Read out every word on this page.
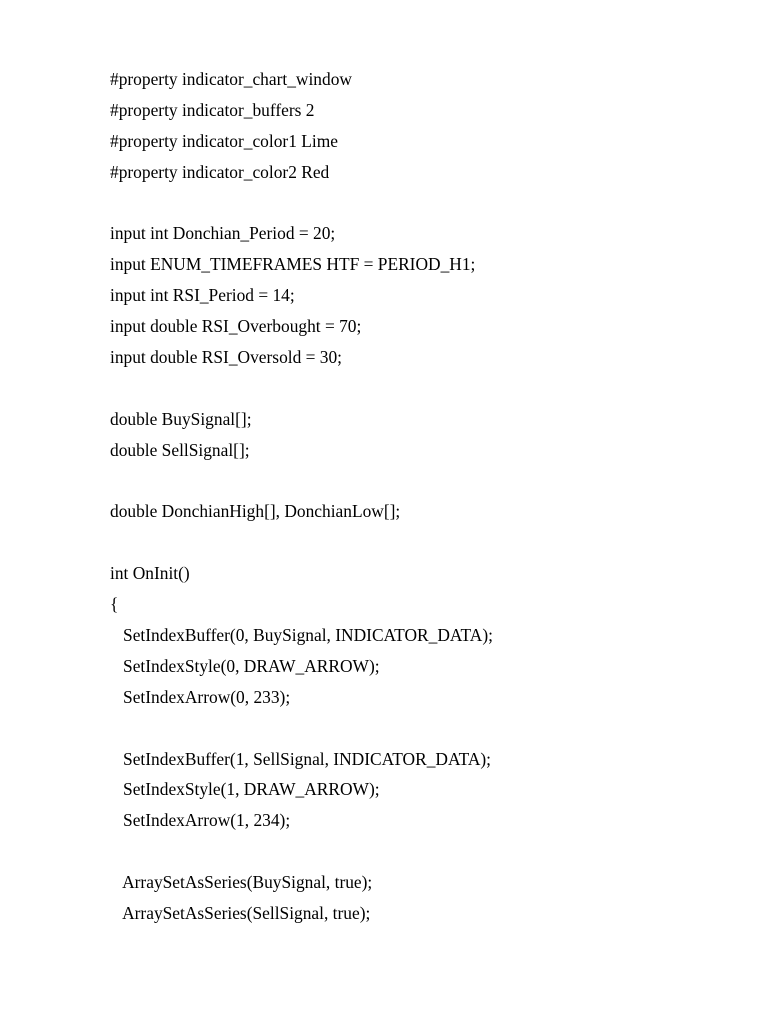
#property indicator_chart_window
#property indicator_buffers 2
#property indicator_color1 Lime
#property indicator_color2 Red
input int Donchian_Period = 20;
input ENUM_TIMEFRAMES HTF = PERIOD_H1;
input int RSI_Period = 14;
input double RSI_Overbought = 70;
input double RSI_Oversold = 30;
double BuySignal[];
double SellSignal[];
double DonchianHigh[], DonchianLow[];
int OnInit()
{
SetIndexBuffer(0, BuySignal, INDICATOR_DATA);
SetIndexStyle(0, DRAW_ARROW);
SetIndexArrow(0, 233);
SetIndexBuffer(1, SellSignal, INDICATOR_DATA);
SetIndexStyle(1, DRAW_ARROW);
SetIndexArrow(1, 234);
ArraySetAsSeries(BuySignal, true);
ArraySetAsSeries(SellSignal, true);
